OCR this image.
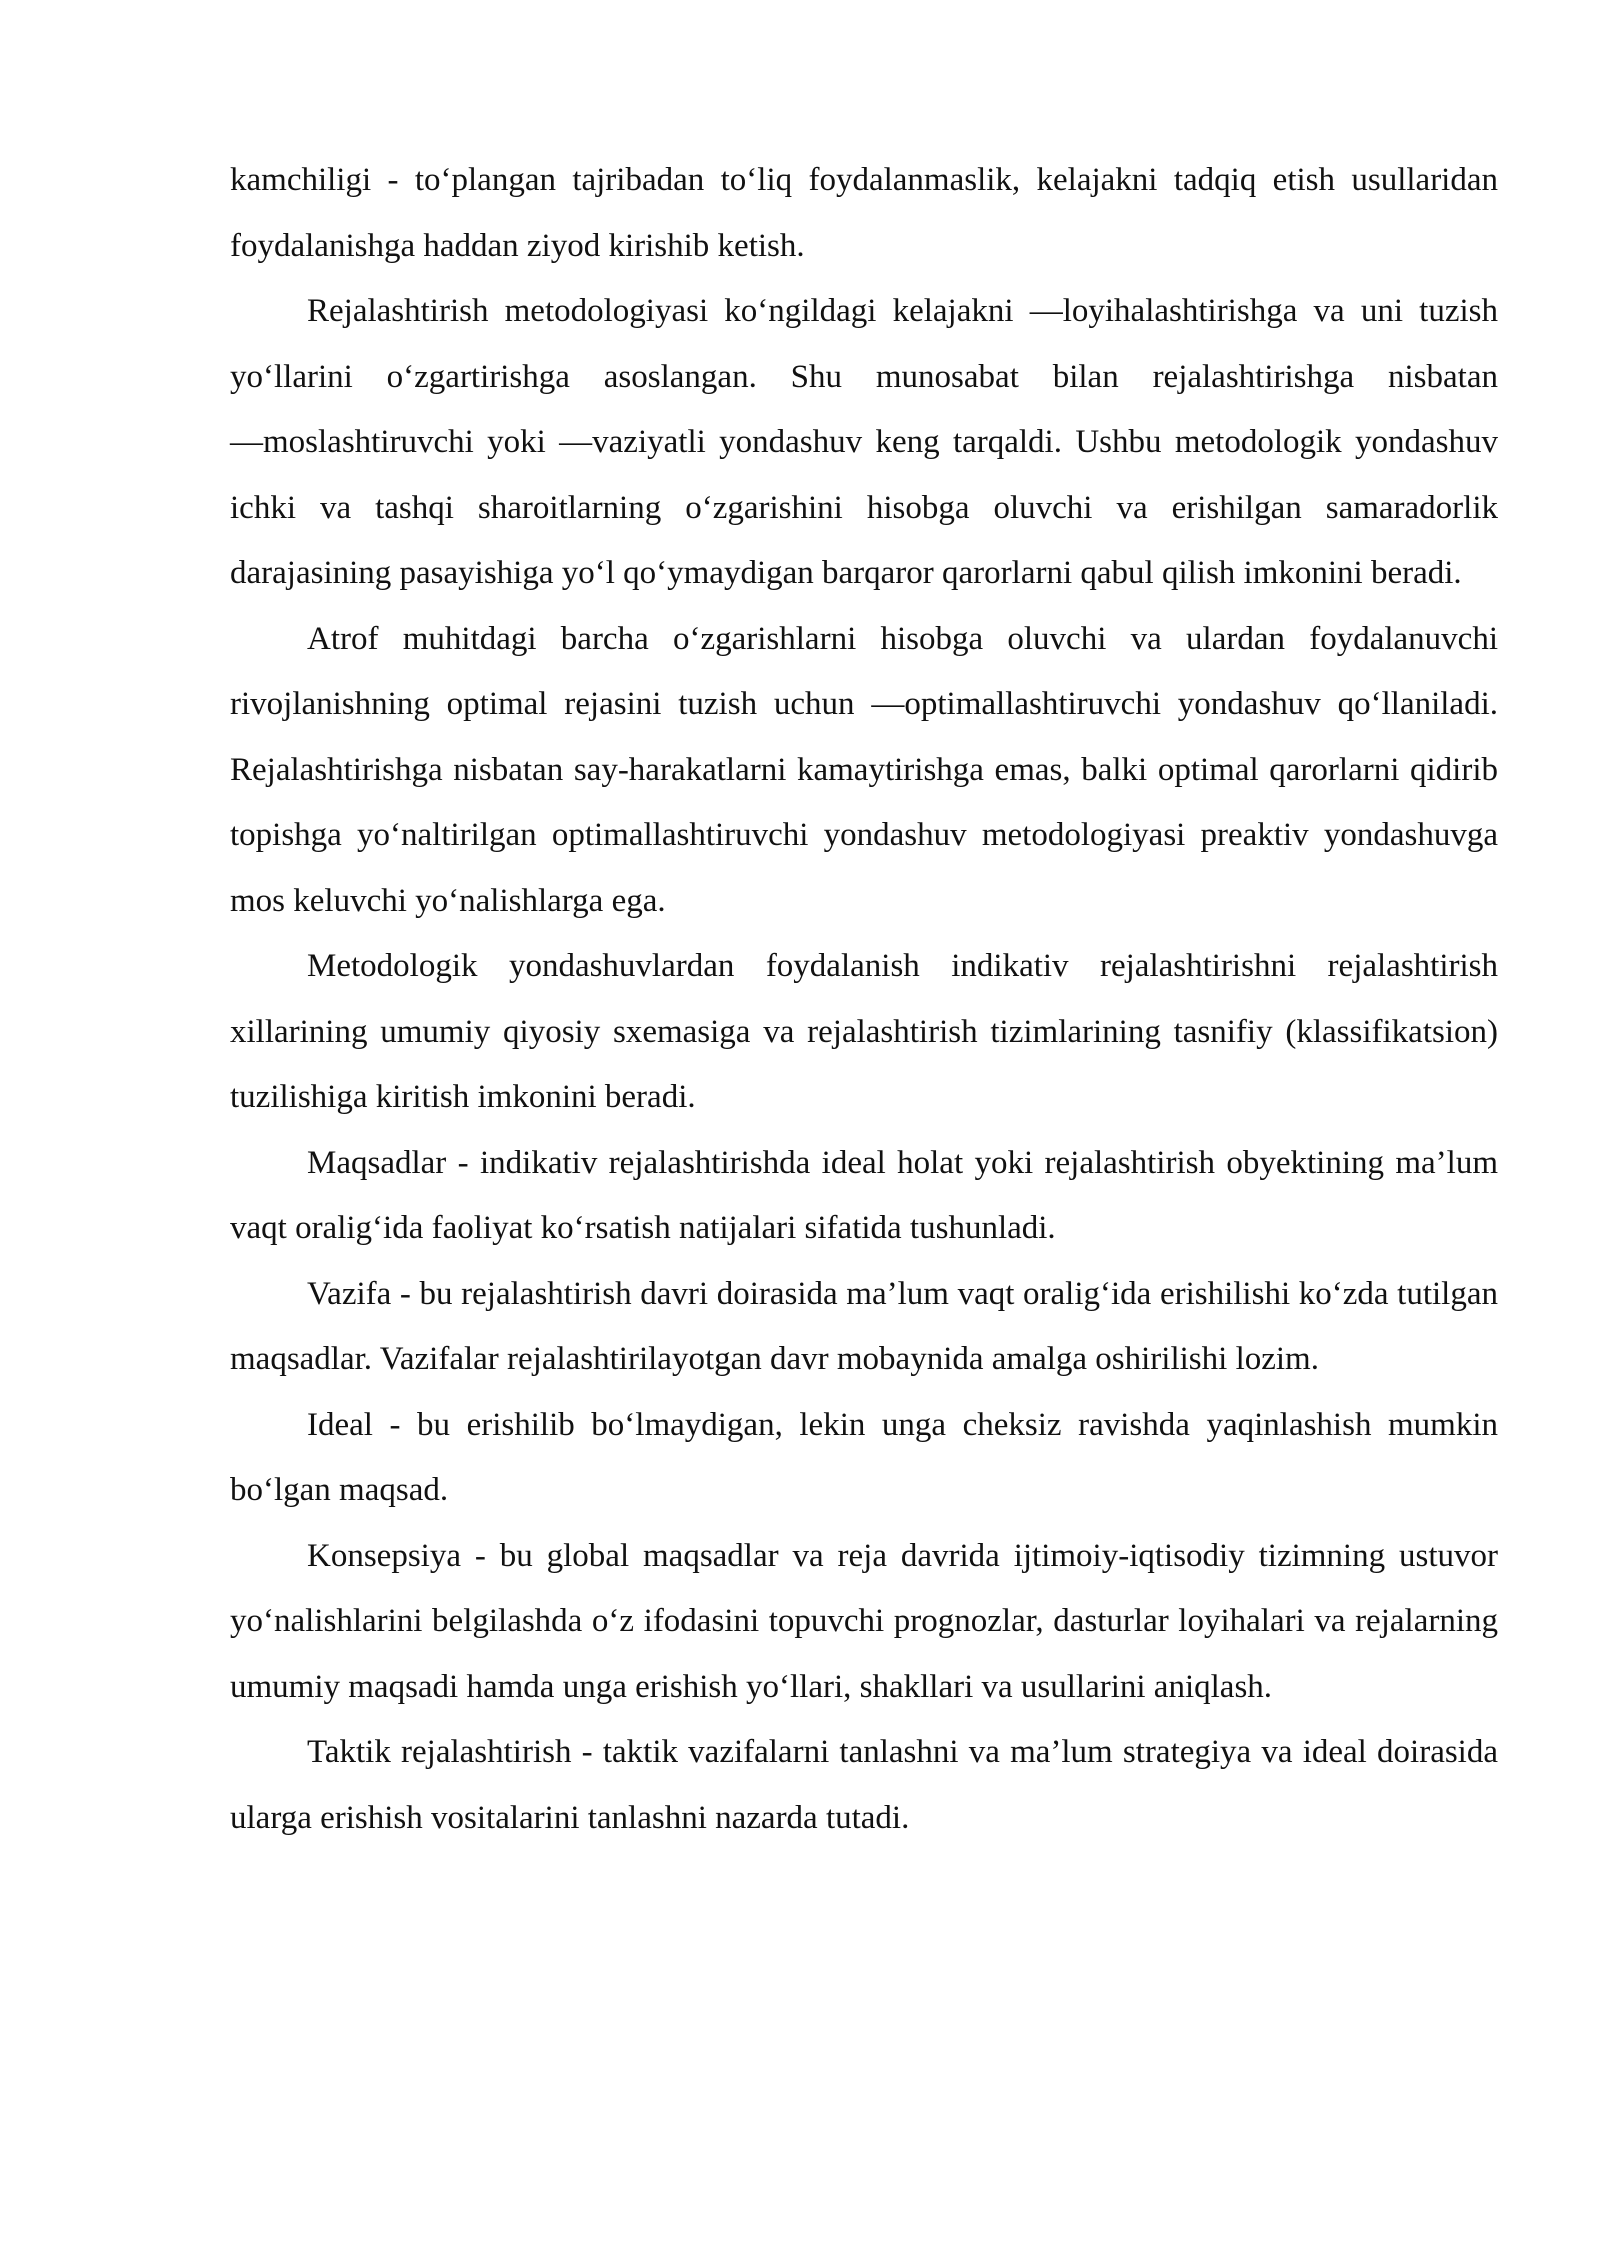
kamchiligi - to‘plangan tajribadan to‘liq foydalanmaslik, kelajakni tadqiq etish usullaridan foydalanishga haddan ziyod kirishib ketish.

Rejalashtirish metodologiyasi ko‘ngildagi kelajakni ―loyihalashtirishga va uni tuzish yo‘llarini o‘zgartirishga asoslangan. Shu munosabat bilan rejalashtirishga nisbatan ―moslashtiruvchi yoki ―vaziyatli yondashuv keng tarqaldi. Ushbu metodologik yondashuv ichki va tashqi sharoitlarning o‘zgarishini hisobga oluvchi va erishilgan samaradorlik darajasining pasayishiga yo‘l qo‘ymaydigan barqaror qarorlarni qabul qilish imkonini beradi.

Atrof muhitdagi barcha o‘zgarishlarni hisobga oluvchi va ulardan foydalanuvchi rivojlanishning optimal rejasini tuzish uchun ―optimallashtiruvchi yondashuv qo‘llaniladi. Rejalashtirishga nisbatan say-harakatlarni kamaytirishga emas, balki optimal qarorlarni qidirib topishga yo‘naltirilgan optimallashtiruvchi yondashuv metodologiyasi preaktiv yondashuvga mos keluvchi yo‘nalishlarga ega.

Metodologik yondashuvlardan foydalanish indikativ rejalashtirishni rejalashtirish xillarining umumiy qiyosiy sxemasiga va rejalashtirish tizimlarining tasnifiy (klassifikatsion) tuzilishiga kiritish imkonini beradi.

Maqsadlar - indikativ rejalashtirishda ideal holat yoki rejalashtirish obyektining ma’lum vaqt oralig‘ida faoliyat ko‘rsatish natijalari sifatida tushunladi.

Vazifa - bu rejalashtirish davri doirasida ma’lum vaqt oralig‘ida erishilishi ko‘zda tutilgan maqsadlar. Vazifalar rejalashtirilayotgan davr mobaynida amalga oshirilishi lozim.

Ideal - bu erishilib bo‘lmaydigan, lekin unga cheksiz ravishda yaqinlashish mumkin bo‘lgan maqsad.

Konsepsiya - bu global maqsadlar va reja davrida ijtimoiy-iqtisodiy tizimning ustuvor yo‘nalishlarini belgilashda o‘z ifodasini topuvchi prognozlar, dasturlar loyihalari va rejalarning umumiy maqsadi hamda unga erishish yo‘llari, shakllari va usullarini aniqlash.

Taktik rejalashtirish - taktik vazifalarni tanlashni va ma’lum strategiya va ideal doirasida ularga erishish vositalarini tanlashni nazarda tutadi.
